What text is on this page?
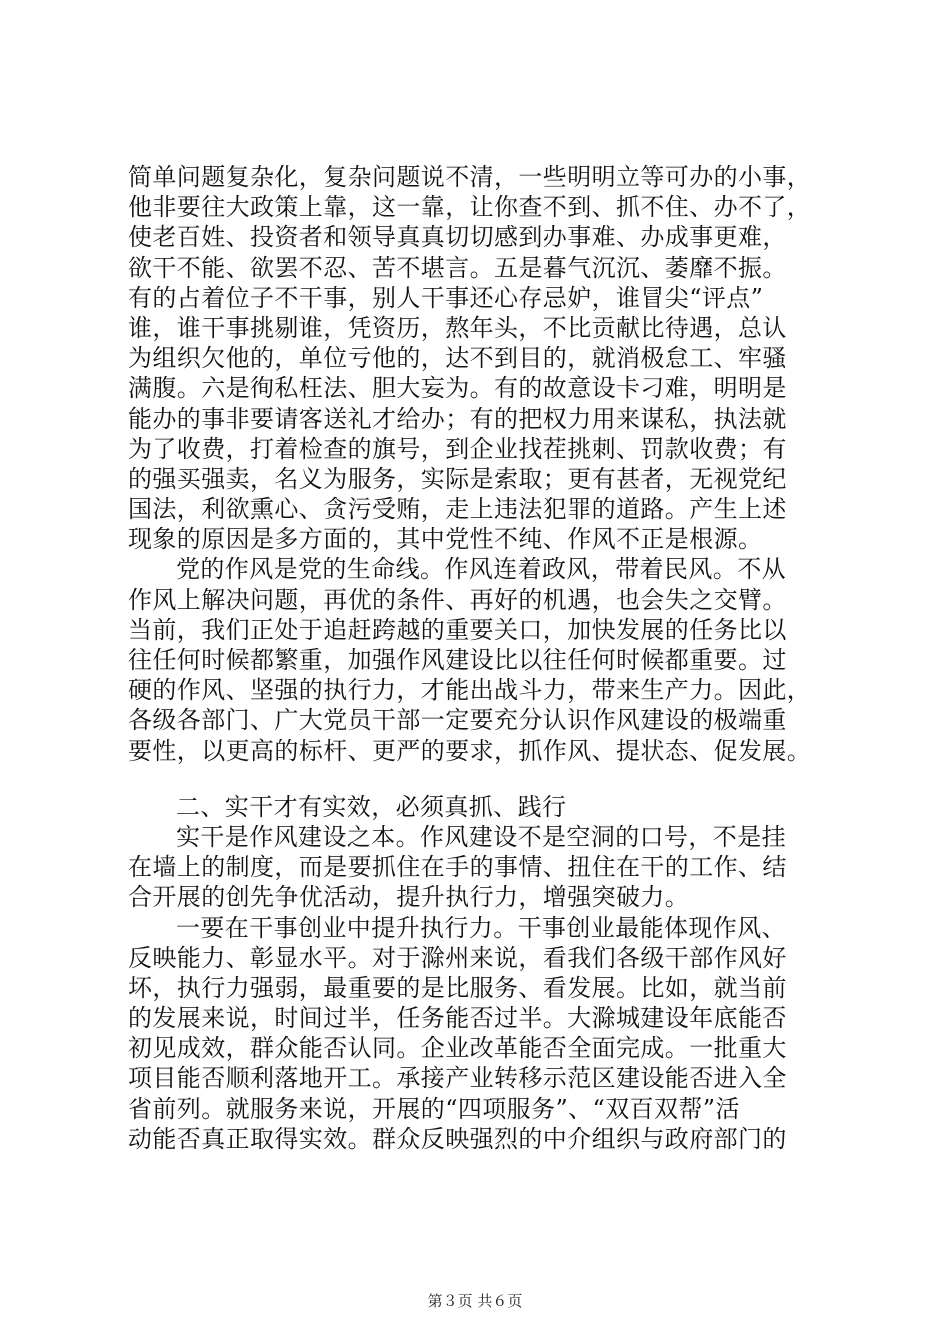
简单问题复杂化，复杂问题说不清，一些明明立等可办的小事，
他非要往大政策上靠，这一靠，让你查不到、抓不住、办不了，
使老百姓、投资者和领导真真切切感到办事难、办成事更难，
欲干不能、欲罢不忍、苦不堪言。五是暮气沉沉、萎靡不振。
有的占着位子不干事，别人干事还心存忌妒，谁冒尖“评点”
谁，谁干事挑剔谁，凭资历，熬年头，不比贡献比待遇，总认
为组织欠他的，单位亏他的，达不到目的，就消极怠工、牢骚
满腹。六是徇私枉法、胆大妄为。有的故意设卡刁难，明明是
能办的事非要请客送礼才给办；有的把权力用来谋私，执法就
为了收费，打着检查的旗号，到企业找茬挑刺、罚款收费；有
的强买强卖，名义为服务，实际是索取；更有甚者，无视党纪
国法，利欲熏心、贪污受贿，走上违法犯罪的道路。产生上述
现象的原因是多方面的，其中党性不纯、作风不正是根源。
党的作风是党的生命线。作风连着政风，带着民风。不从
作风上解决问题，再优的条件、再好的机遇，也会失之交臂。
当前，我们正处于追赶跨越的重要关口，加快发展的任务比以
往任何时候都繁重，加强作风建设比以往任何时候都重要。过
硬的作风、坚强的执行力，才能出战斗力，带来生产力。因此，
各级各部门、广大党员干部一定要充分认识作风建设的极端重
要性，以更高的标杆、更严的要求，抓作风、提状态、促发展。
二、实干才有实效，必须真抓、践行
实干是作风建设之本。作风建设不是空洞的口号，不是挂
在墙上的制度，而是要抓住在手的事情、扭住在干的工作、结
合开展的创先争优活动，提升执行力，增强突破力。
一要在干事创业中提升执行力。干事创业最能体现作风、
反映能力、彰显水平。对于滁州来说，看我们各级干部作风好
坏，执行力强弱，最重要的是比服务、看发展。比如，就当前
的发展来说，时间过半，任务能否过半。大滁城建设年底能否
初见成效，群众能否认同。企业改革能否全面完成。一批重大
项目能否顺利落地开工。承接产业转移示范区建设能否进入全
省前列。就服务来说，开展的“四项服务”、“双百双帮”活
动能否真正取得实效。群众反映强烈的中介组织与政府部门的
第３页 共６页
